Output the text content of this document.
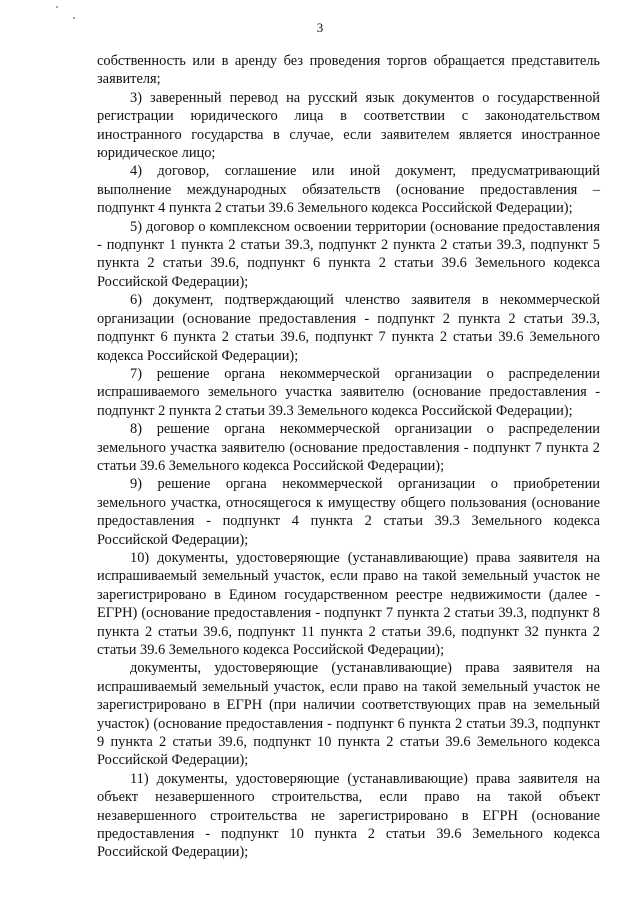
3

собственность или в аренду без проведения торгов обращается представитель заявителя;

3) заверенный перевод на русский язык документов о государственной регистрации юридического лица в соответствии с законодательством иностранного государства в случае, если заявителем является иностранное юридическое лицо;

4) договор, соглашение или иной документ, предусматривающий выполнение международных обязательств (основание предоставления – подпункт 4 пункта 2 статьи 39.6 Земельного кодекса Российской Федерации);

5) договор о комплексном освоении территории (основание предоставления - подпункт 1 пункта 2 статьи 39.3, подпункт 2 пункта 2 статьи 39.3, подпункт 5 пункта 2 статьи 39.6, подпункт 6 пункта 2 статьи 39.6 Земельного кодекса Российской Федерации);

6) документ, подтверждающий членство заявителя в некоммерческой организации (основание предоставления - подпункт 2 пункта 2 статьи 39.3, подпункт 6 пункта 2 статьи 39.6, подпункт 7 пункта 2 статьи 39.6 Земельного кодекса Российской Федерации);

7) решение органа некоммерческой организации о распределении испрашиваемого земельного участка заявителю (основание предоставления - подпункт 2 пункта 2 статьи 39.3 Земельного кодекса Российской Федерации);

8) решение органа некоммерческой организации о распределении земельного участка заявителю (основание предоставления - подпункт 7 пункта 2 статьи 39.6 Земельного кодекса Российской Федерации);

9) решение органа некоммерческой организации о приобретении земельного участка, относящегося к имуществу общего пользования (основание предоставления - подпункт 4 пункта 2 статьи 39.3 Земельного кодекса Российской Федерации);

10) документы, удостоверяющие (устанавливающие) права заявителя на испрашиваемый земельный участок, если право на такой земельный участок не зарегистрировано в Едином государственном реестре недвижимости (далее - ЕГРН) (основание предоставления - подпункт 7 пункта 2 статьи 39.3, подпункт 8 пункта 2 статьи 39.6, подпункт 11 пункта 2 статьи 39.6, подпункт 32 пункта 2 статьи 39.6 Земельного кодекса Российской Федерации);

документы, удостоверяющие (устанавливающие) права заявителя на испрашиваемый земельный участок, если право на такой земельный участок не зарегистрировано в ЕГРН (при наличии соответствующих прав на земельный участок) (основание предоставления - подпункт 6 пункта 2 статьи 39.3, подпункт 9 пункта 2 статьи 39.6, подпункт 10 пункта 2 статьи 39.6 Земельного кодекса Российской Федерации);

11) документы, удостоверяющие (устанавливающие) права заявителя на объект незавершенного строительства, если право на такой объект незавершенного строительства не зарегистрировано в ЕГРН (основание предоставления - подпункт 10 пункта 2 статьи 39.6 Земельного кодекса Российской Федерации);
